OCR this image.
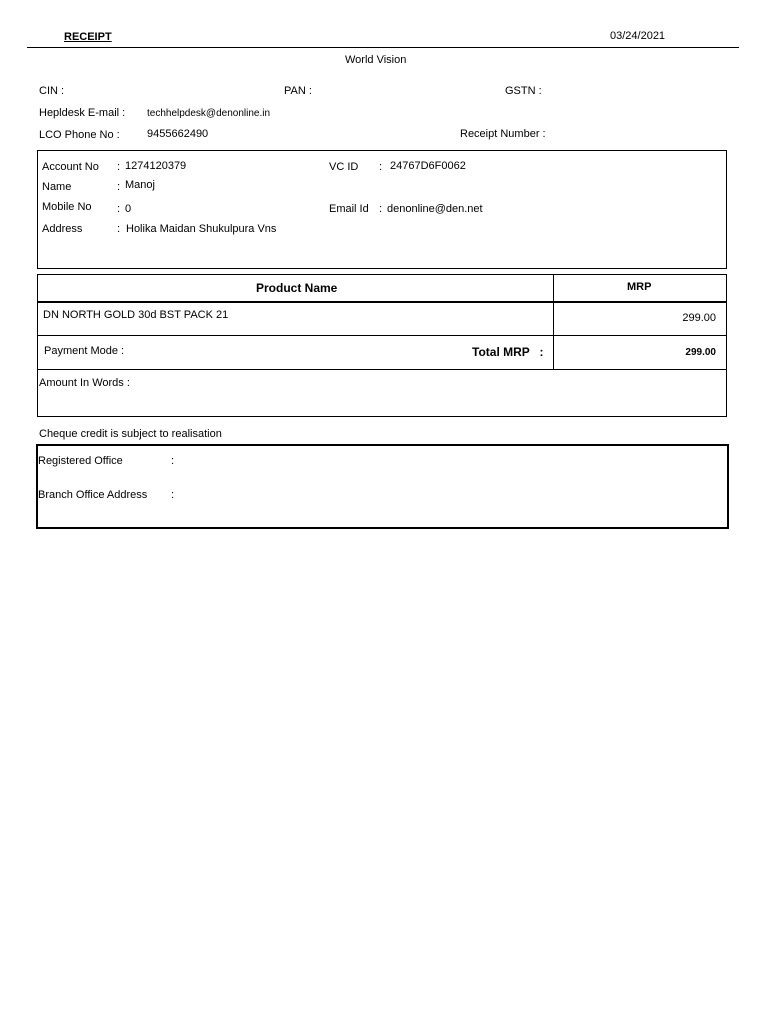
RECEIPT	03/24/2021
World Vision
CIN :	PAN :	GSTN :
Hepldesk E-mail : techhelpdesk@denonline.in
LCO Phone No : 9455662490	Receipt Number :
Account No : 1274120379
Name	: Manoj
Mobile No : 0
Address	: Holika Maidan Shukulpura Vns
VC ID : 24767D6F0062
Email Id : denonline@den.net
Product Name	MRP
DN NORTH GOLD 30d BST PACK 21	299.00
Payment Mode :	Total MRP   :	299.00
Amount In Words :
Cheque credit is subject to realisation
Registered Office	:
Branch Office Address :
